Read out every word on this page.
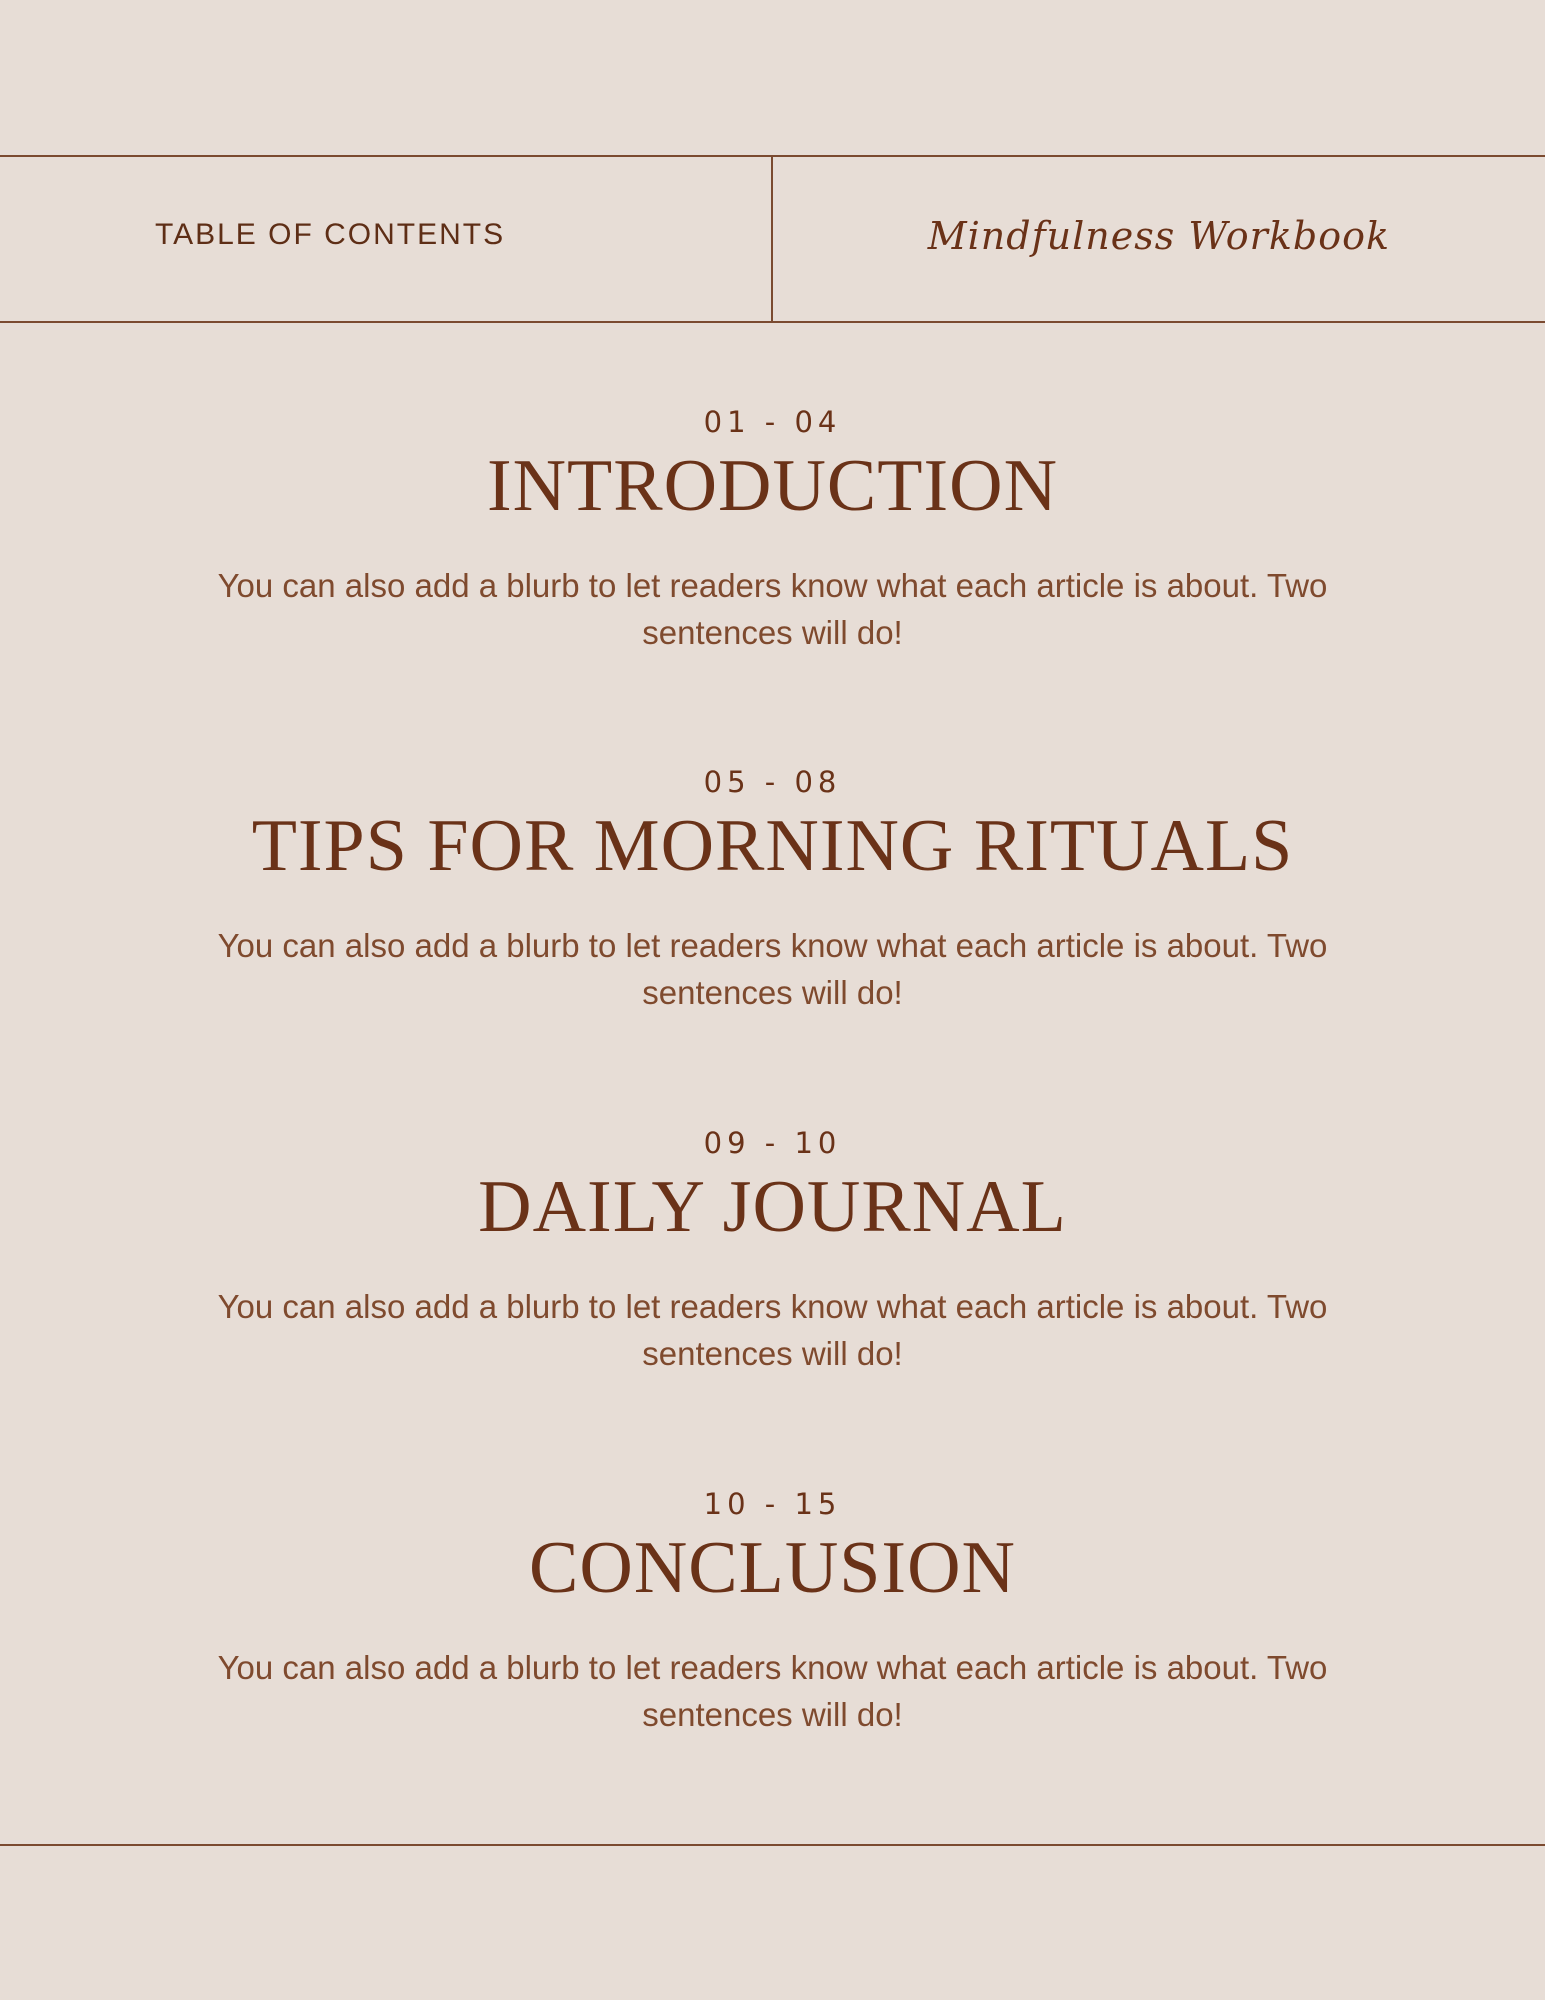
TABLE OF CONTENTS	Mindfulness Workbook
01 - 04
INTRODUCTION
You can also add a blurb to let readers know what each article is about. Two sentences will do!
05 - 08
TIPS FOR MORNING RITUALS
You can also add a blurb to let readers know what each article is about. Two sentences will do!
09 - 10
DAILY JOURNAL
You can also add a blurb to let readers know what each article is about. Two sentences will do!
10 - 15
CONCLUSION
You can also add a blurb to let readers know what each article is about. Two sentences will do!
